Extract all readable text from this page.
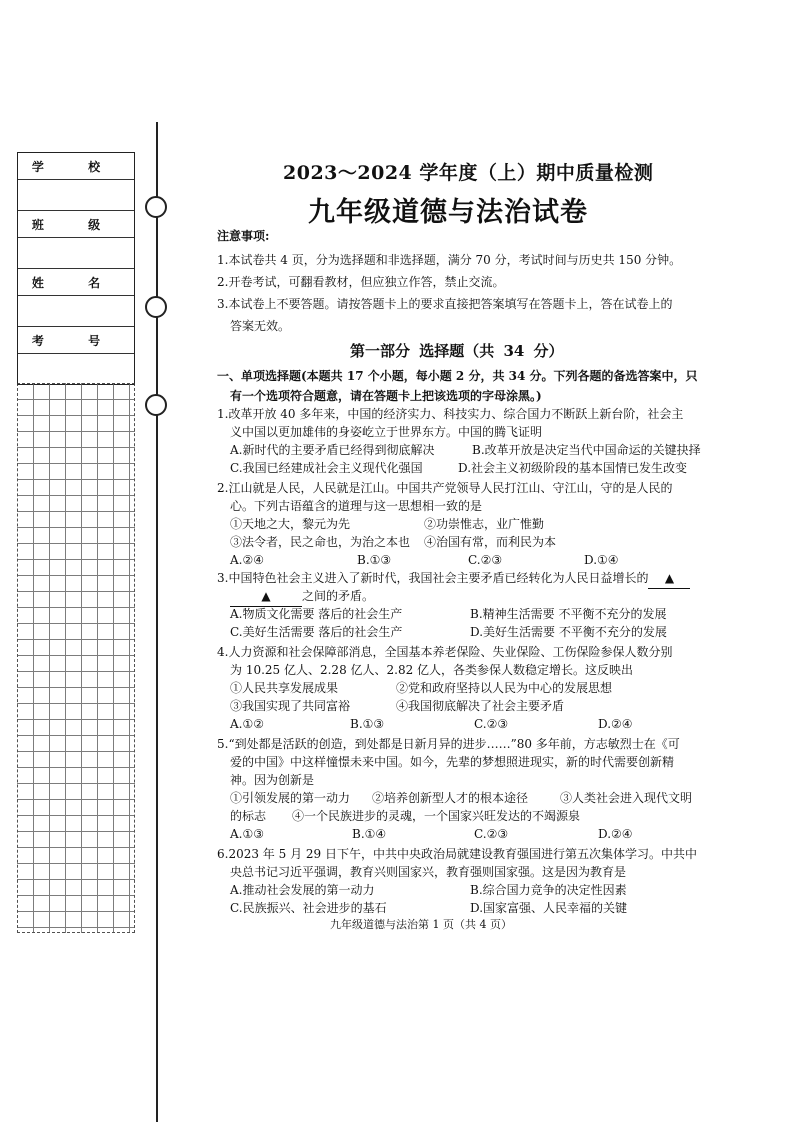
学 校
班 级
姓 名
考 号
2023～2024 学年度（上）期中质量检测
九年级道德与法治试卷
注意事项:
1.本试卷共 4 页，分为选择题和非选择题，满分 70 分，考试时间与历史共 150 分钟。
2.开卷考试，可翻看教材，但应独立作答，禁止交流。
3.本试卷上不要答题。请按答题卡上的要求直接把答案填写在答题卡上，答在试卷上的
答案无效。
第一部分 选择题（共 34 分）
一、单项选择题(本题共 17 个小题，每小题 2 分，共 34 分。下列各题的备选答案中，只
有一个选项符合题意，请在答题卡上把该选项的字母涂黑。)
1.改革开放 40 多年来，中国的经济实力、科技实力、综合国力不断跃上新台阶，社会主
义中国以更加雄伟的身姿屹立于世界东方。中国的腾飞证明
A.新时代的主要矛盾已经得到彻底解决	B.改革开放是决定当代中国命运的关键抉择
C.我国已经建成社会主义现代化强国	D.社会主义初级阶段的基本国情已发生改变
2.江山就是人民，人民就是江山。中国共产党领导人民打江山、守江山，守的是人民的
心。下列古语蕴含的道理与这一思想相一致的是
①天地之大，黎元为先	②功崇惟志，业广惟勤
③法令者，民之命也，为治之本也 ④治国有常，而利民为本
A.②④	B.①③	C.②③	D.①④
3.中国特色社会主义进入了新时代，我国社会主要矛盾已经转化为人民日益增长的 ▲
▲	之间的矛盾。
A.物质文化需要 落后的社会生产	B.精神生活需要 不平衡不充分的发展
C.美好生活需要 落后的社会生产	D.美好生活需要 不平衡不充分的发展
4.人力资源和社会保障部消息，全国基本养老保险、失业保险、工伤保险参保人数分别
为 10.25 亿人、2.28 亿人、2.82 亿人，各类参保人数稳定增长。这反映出
①人民共享发展成果	②党和政府坚持以人民为中心的发展思想
③我国实现了共同富裕	④我国彻底解决了社会主要矛盾
A.①②	B.①③	C.②③	D.②④
5.“到处都是活跃的创造，到处都是日新月异的进步……”80 多年前，方志敏烈士在《可
爱的中国》中这样憧憬未来中国。如今，先辈的梦想照进现实，新的时代需要创新精
神。因为创新是
①引领发展的第一动力 ②培养创新型人才的根本途径	③人类社会进入现代文明
的标志 ④一个民族进步的灵魂，一个国家兴旺发达的不竭源泉
A.①③	B.①④	C.②③	D.②④
6.2023 年 5 月 29 日下午，中共中央政治局就建设教育强国进行第五次集体学习。中共中
央总书记习近平强调，教育兴则国家兴，教育强则国家强。这是因为教育是
A.推动社会发展的第一动力	B.综合国力竞争的决定性因素
C.民族振兴、社会进步的基石	D.国家富强、人民幸福的关键
九年级道德与法治第 1 页（共 4 页）
